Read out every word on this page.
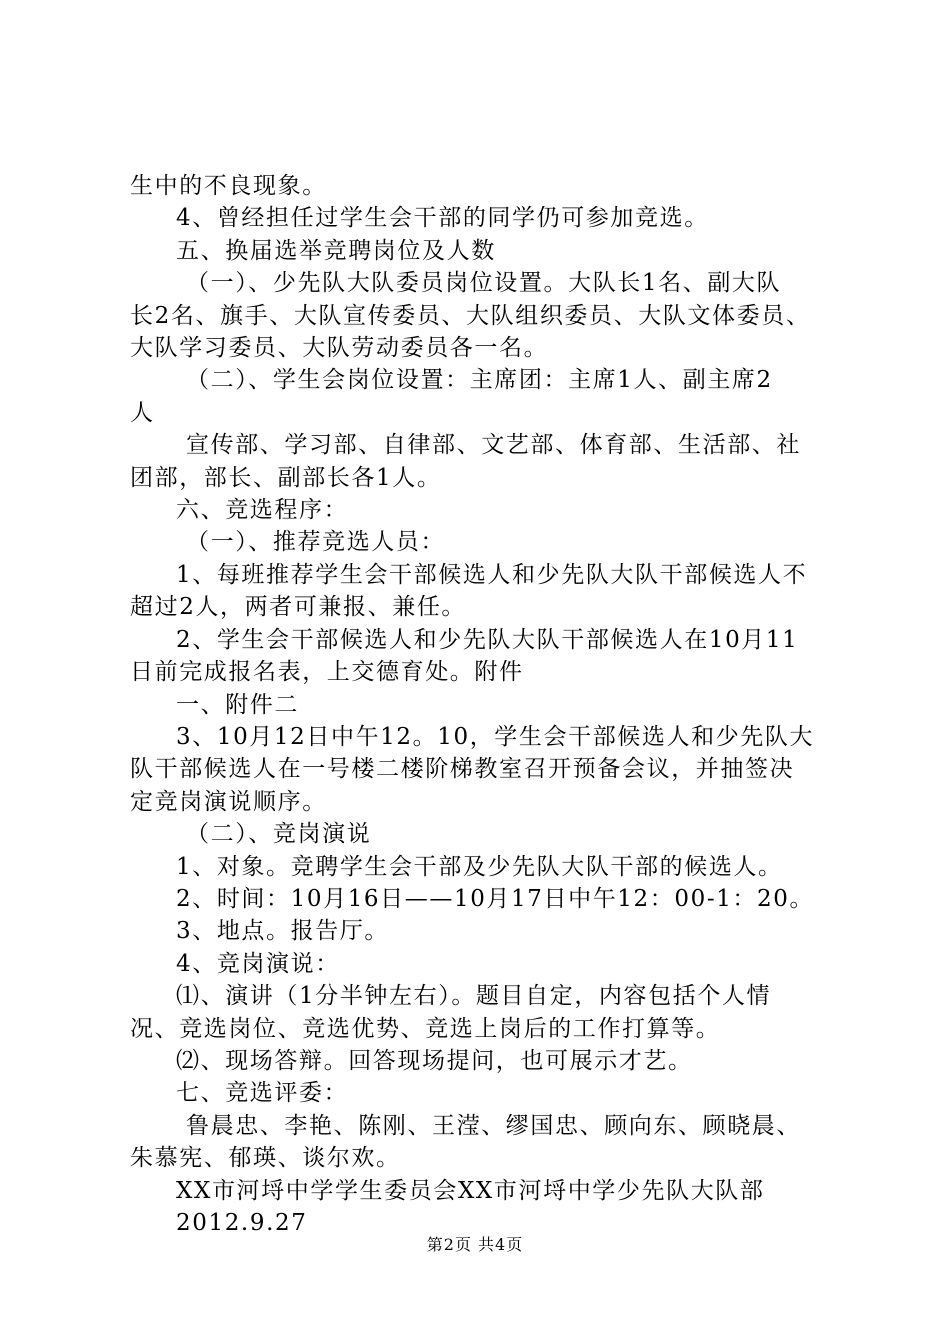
生中的不良现象。

4、曾经担任过学生会干部的同学仍可参加竞选。

五、换届选举竞聘岗位及人数

（一）、少先队大队委员岗位设置。大队长1名、副大队

长2名、旗手、大队宣传委员、大队组织委员、大队文体委员、

大队学习委员、大队劳动委员各一名。

（二）、学生会岗位设置：主席团：主席1人、副主席2

人

宣传部、学习部、自律部、文艺部、体育部、生活部、社

团部，部长、副部长各1人。

六、竞选程序：

（一）、推荐竞选人员：

1、每班推荐学生会干部候选人和少先队大队干部候选人不

超过2人，两者可兼报、兼任。

2、学生会干部候选人和少先队大队干部候选人在10月11

日前完成报名表，上交德育处。附件

一、附件二

3、10月12日中午12。10，学生会干部候选人和少先队大

队干部候选人在一号楼二楼阶梯教室召开预备会议，并抽签决

定竞岗演说顺序。

（二）、竞岗演说

1、对象。竞聘学生会干部及少先队大队干部的候选人。

2、时间：10月16日——10月17日中午12：00-1：20。

3、地点。报告厅。

4、竞岗演说：

⑴、演讲（1分半钟左右）。题目自定，内容包括个人情

况、竞选岗位、竞选优势、竞选上岗后的工作打算等。

⑵、现场答辩。回答现场提问，也可展示才艺。

七、竞选评委：

鲁晨忠、李艳、陈刚、王滢、缪国忠、顾向东、顾晓晨、

朱慕宪、郁瑛、谈尔欢。

XX市河埒中学学生委员会XX市河埒中学少先队大队部

2012.9.27

第2页 共4页
